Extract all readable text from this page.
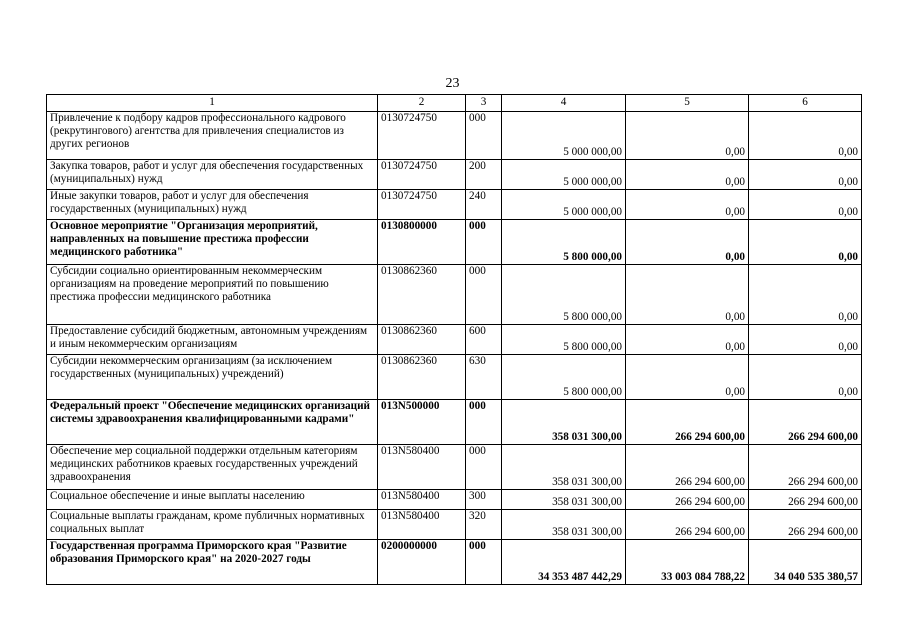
23
1	2	3	4	5	6
Привлечение к подбору кадров профессионального кадрового (рекрутингового) агентства для привлечения специалистов из других регионов	0130724750	000	5 000 000,00	0,00	0,00
Закупка товаров, работ и услуг для обеспечения государственных (муниципальных) нужд	0130724750	200	5 000 000,00	0,00	0,00
Иные закупки товаров, работ и услуг для обеспечения государственных (муниципальных) нужд	0130724750	240	5 000 000,00	0,00	0,00
Основное мероприятие "Организация мероприятий, направленных на повышение престижа профессии медицинского работника"	0130800000	000	5 800 000,00	0,00	0,00
Субсидии социально ориентированным некоммерческим организациям на проведение мероприятий по повышению престижа профессии медицинского работника	0130862360	000	5 800 000,00	0,00	0,00
Предоставление субсидий бюджетным, автономным учреждениям и иным некоммерческим организациям	0130862360	600	5 800 000,00	0,00	0,00
Субсидии некоммерческим организациям (за исключением государственных (муниципальных) учреждений)	0130862360	630	5 800 000,00	0,00	0,00
Федеральный проект "Обеспечение медицинских организаций системы здравоохранения квалифицированными кадрами"	013N500000	000	358 031 300,00	266 294 600,00	266 294 600,00
Обеспечение мер социальной поддержки отдельным категориям медицинских работников краевых государственных учреждений здравоохранения	013N580400	000	358 031 300,00	266 294 600,00	266 294 600,00
Социальное обеспечение и иные выплаты населению	013N580400	300	358 031 300,00	266 294 600,00	266 294 600,00
Социальные выплаты гражданам, кроме публичных нормативных социальных выплат	013N580400	320	358 031 300,00	266 294 600,00	266 294 600,00
Государственная программа Приморского края "Развитие образования Приморского края" на 2020-2027 годы	0200000000	000	34 353 487 442,29	33 003 084 788,22	34 040 535 380,57
